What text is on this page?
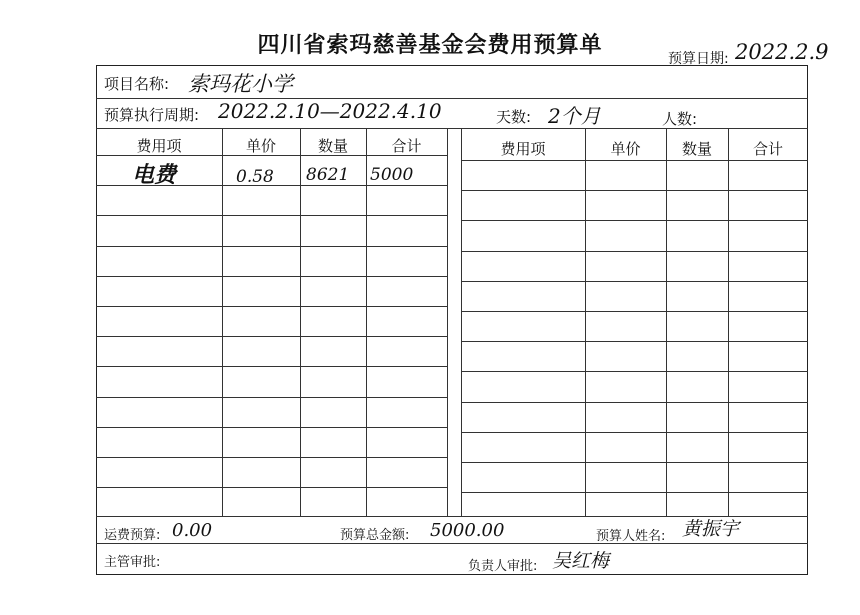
四川省索玛慈善基金会费用预算单
预算日期: 2022.2.9
项目名称: 索玛花小学
预算执行周期: 2022.2.10—2022.4.10	天数: 2个月	人数:
费用项	单价	数量	合计	费用项	单价	数量	合计
电费	0.58 8621 5000
运费预算: 0.00	预算总金额: 5000.00	预算人姓名: 黄振宇
主管审批:	负责人审批: 吴红梅
